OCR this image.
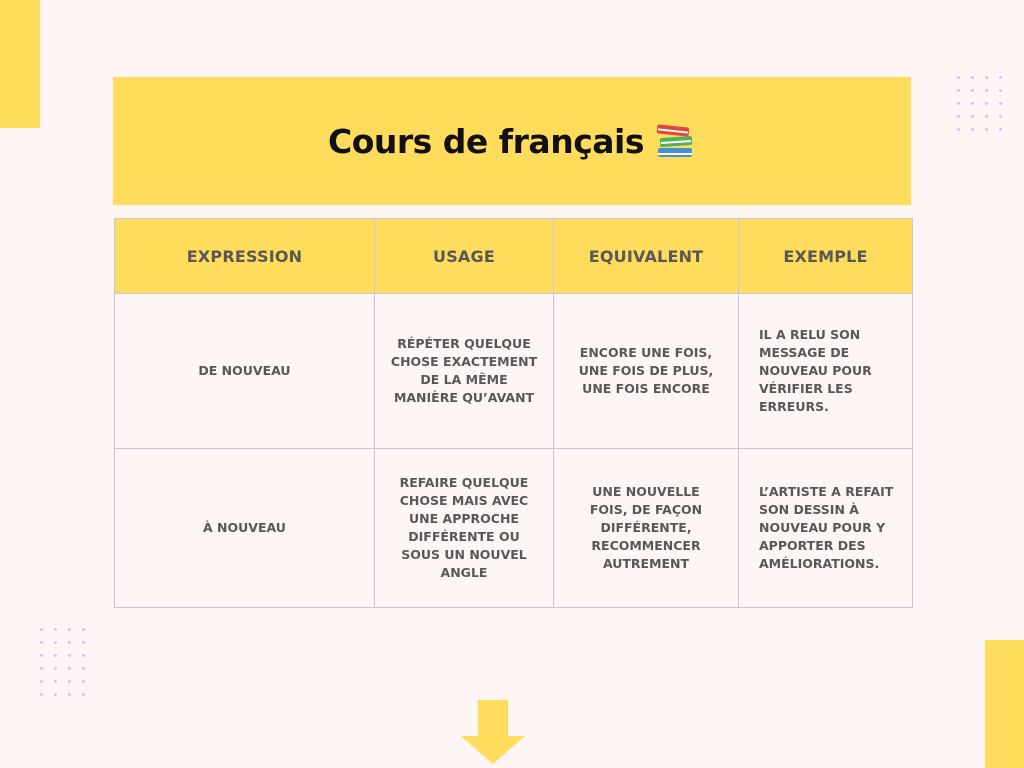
Cours de français
EXPRESSION	USAGE	EQUIVALENT	EXEMPLE
DE NOUVEAU	RÉPÉTER QUELQUE CHOSE EXACTEMENT DE LA MÊME MANIÈRE QU’AVANT	ENCORE UNE FOIS, UNE FOIS DE PLUS, UNE FOIS ENCORE	IL A RELU SON MESSAGE DE NOUVEAU POUR VÉRIFIER LES ERREURS.
À NOUVEAU	REFAIRE QUELQUE CHOSE MAIS AVEC UNE APPROCHE DIFFÉRENTE OU SOUS UN NOUVEL ANGLE	UNE NOUVELLE FOIS, DE FAÇON DIFFÉRENTE, RECOMMENCER AUTREMENT	L’ARTISTE A REFAIT SON DESSIN À NOUVEAU POUR Y APPORTER DES AMÉLIORATIONS.
